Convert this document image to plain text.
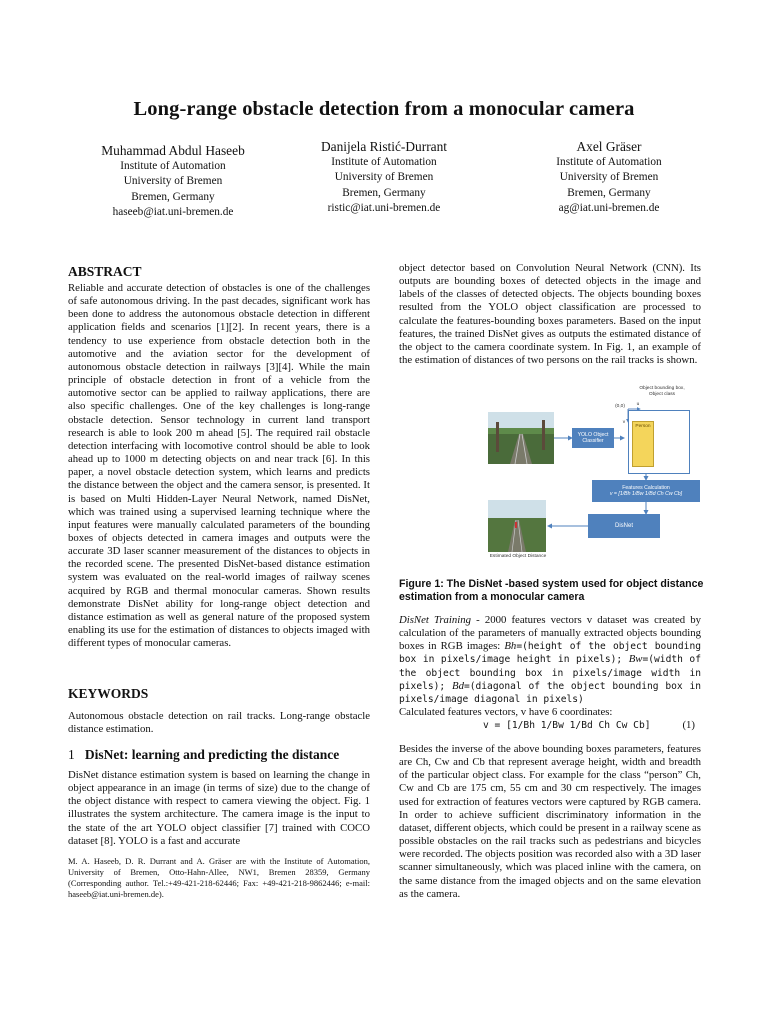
Long-range obstacle detection from a monocular camera
Muhammad Abdul Haseeb
Institute of Automation
University of Bremen
Bremen, Germany
haseeb@iat.uni-bremen.de
Danijela Ristić-Durrant
Institute of Automation
University of Bremen
Bremen, Germany
ristic@iat.uni-bremen.de
Axel Gräser
Institute of Automation
University of Bremen
Bremen, Germany
ag@iat.uni-bremen.de
ABSTRACT

Reliable and accurate detection of obstacles is one of the challenges of safe autonomous driving. In the past decades, significant work has been done to address the autonomous obstacle detection in different application fields and scenarios [1][2]. In recent years, there is a tendency to use experience from obstacle detection both in the automotive and the aviation sector for the development of autonomous obstacle detection in railways [3][4]. While the main principle of obstacle detection in front of a vehicle from the automotive sector can be applied to railway applications, there are also specific challenges. One of the key challenges is long-range obstacle detection. Sensor technology in current land transport research is able to look 200 m ahead [5]. The required rail obstacle detection interfacing with locomotive control should be able to look ahead up to 1000 m detecting objects on and near track [6]. In this paper, a novel obstacle detection system, which learns and predicts the distance between the object and the camera sensor, is presented. It is based on Multi Hidden-Layer Neural Network, named DisNet, which was trained using a supervised learning technique where the input features were manually calculated parameters of the bounding boxes of objects detected in camera images and outputs were the accurate 3D laser scanner measurement of the distances to objects in the recorded scene. The presented DisNet-based distance estimation system was evaluated on the real-world images of railway scenes acquired by RGB and thermal monocular cameras. Shown results demonstrate DisNet ability for long-range object detection and distance estimation as well as general nature of the proposed system enabling its use for the estimation of distances to objects imaged with different types of monocular cameras.

KEYWORDS

Autonomous obstacle detection on rail tracks. Long-range obstacle distance estimation.

1 DisNet: learning and predicting the distance

DisNet distance estimation system is based on learning the change in object appearance in an image (in terms of size) due to the change of the object distance with respect to camera viewing the object. Fig. 1 illustrates the system architecture. The camera image is the input to the state of the art YOLO object classifier [7] trained with COCO dataset [8]. YOLO is a fast and accurate

M. A. Haseeb, D. R. Durrant and A. Gräser are with the Institute of Automation, University of Bremen, Otto-Hahn-Allee, NW1, Bremen 28359, Germany (Corresponding author. Tel.:+49-421-218-62446; Fax: +49-421-218-9862446; e-mail: haseeb@iat.uni-bremen.de).

object detector based on Convolution Neural Network (CNN). Its outputs are bounding boxes of detected objects in the image and labels of the classes of detected objects. The objects bounding boxes resulted from the YOLO object classification are processed to calculate the features-bounding boxes parameters. Based on the input features, the trained DisNet gives as outputs the estimated distance of the object to the camera coordinate system. In Fig. 1, an example of the estimation of distances of two persons on the rail tracks is shown.

YOLO Object Classifier
Object bounding box, Object class
(0,0)	u
v
Person
Features Calculation
v = [1/Bh 1/Bw 1/Bd Ch Cw Cb]
DisNet
Estimated Object Distance
Figure 1: The DisNet -based system used for object distance estimation from a monocular camera

DisNet Training - 2000 features vectors v dataset was created by calculation of the parameters of manually extracted objects bounding boxes in RGB images: Bh=(height of the object bounding box in pixels/image height in pixels); Bw=(width of the object bounding box in pixels/image width in pixels); Bd=(diagonal of the object bounding box in pixels/image diagonal in pixels)

Calculated features vectors, v have 6 coordinates:

v = [1/Bh 1/Bw 1/Bd Ch Cw Cb]	(1)

Besides the inverse of the above bounding boxes parameters, features are Ch, Cw and Cb that represent average height, width and breadth of the particular object class. For example for the class “person” Ch, Cw and Cb are 175 cm, 55 cm and 30 cm respectively. The images used for extraction of features vectors were captured by RGB camera. In order to achieve sufficient discriminatory information in the dataset, different objects, which could be present in a railway scene as possible obstacles on the rail tracks such as pedestrians and bicycles were recorded. The objects position was recorded also with a 3D laser scanner simultaneously, which was placed inline with the camera, on the same distance from the imaged objects and on the same elevation as the camera.
